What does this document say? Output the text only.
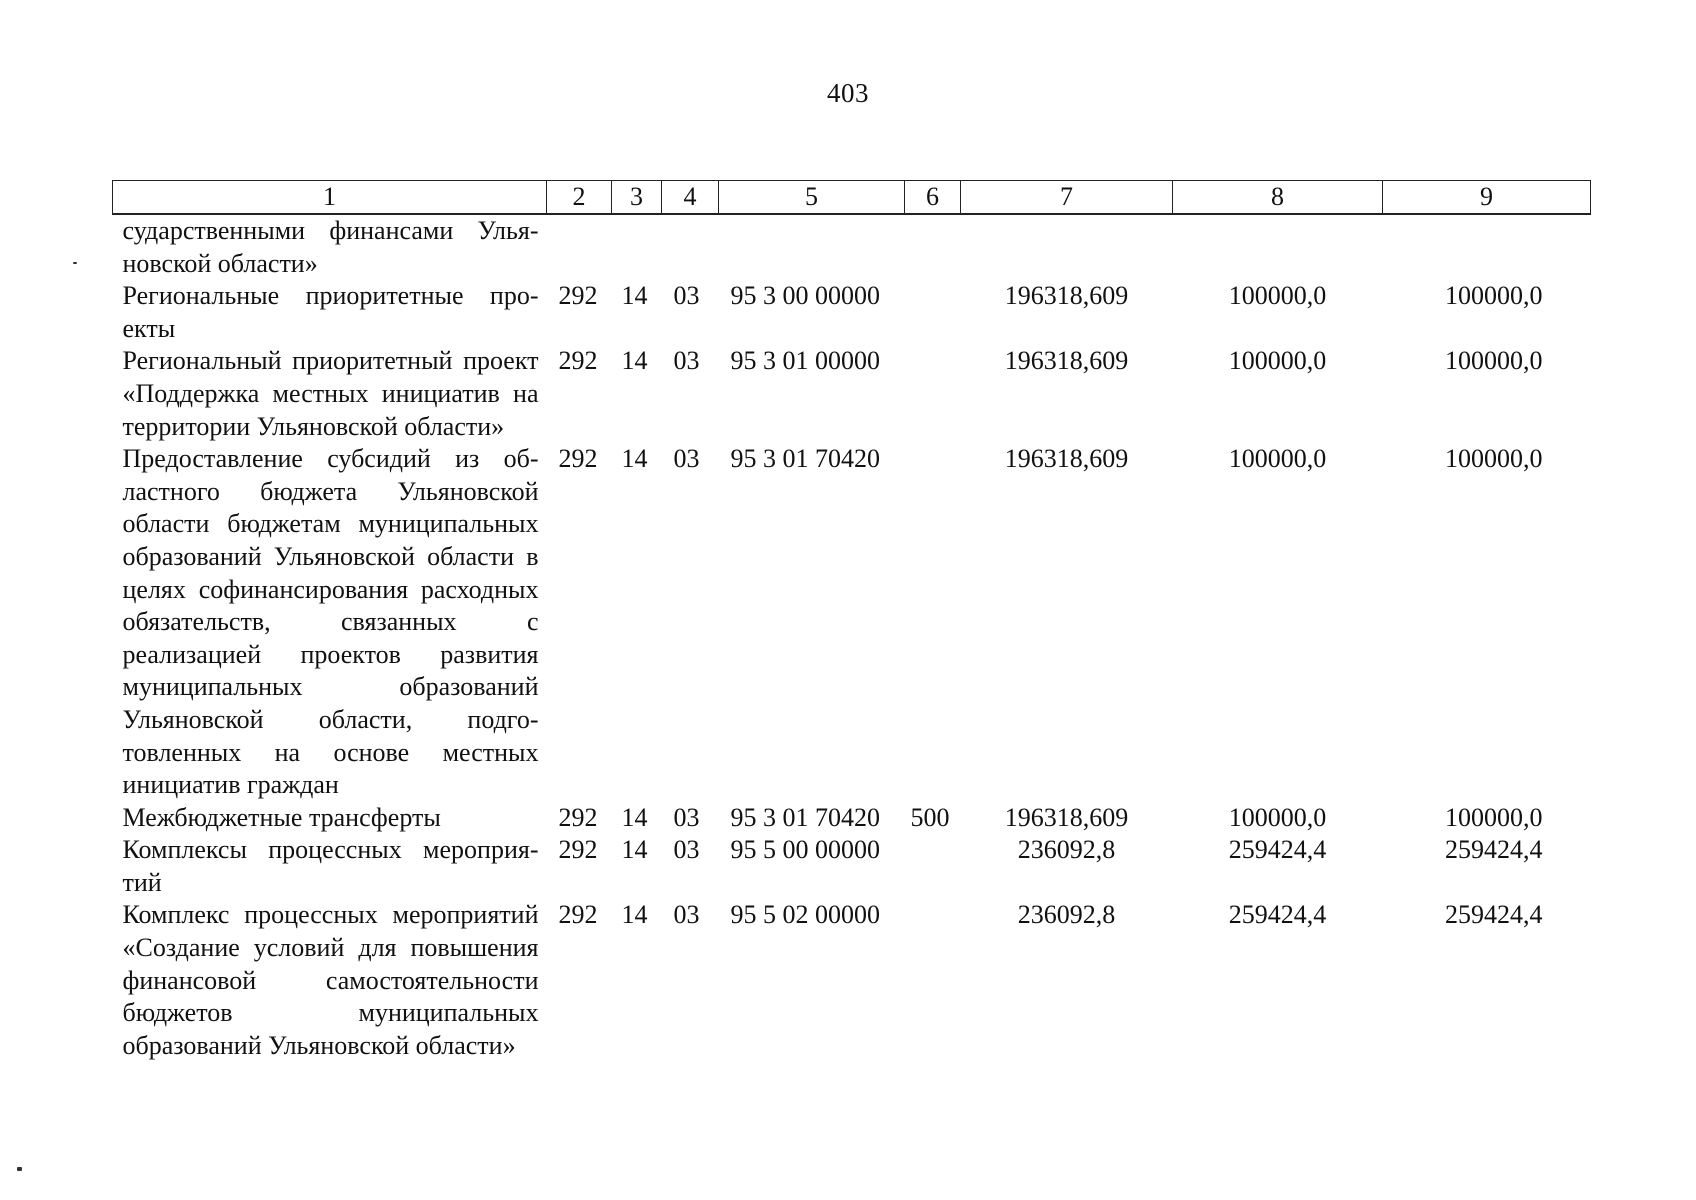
403
1	2	3	4	5	6	7	8	9
сударственными финансами Ульяновской области»								
Региональные приоритетные проекты	292	14	03	95 3 00 00000		196318,609	100000,0	100000,0
Региональный приоритетный проект «Поддержка местных инициатив на территории Ульяновской области»	292	14	03	95 3 01 00000		196318,609	100000,0	100000,0
Предоставление субсидий из областного бюджета Ульяновской области бюджетам муниципальных образований Ульяновской области в целях софинансирования расходных обязательств, связанных с реализацией проектов развития муниципальных образований Ульяновской области, подготовленных на основе местных инициатив граждан	292	14	03	95 3 01 70420		196318,609	100000,0	100000,0
Межбюджетные трансферты	292	14	03	95 3 01 70420	500	196318,609	100000,0	100000,0
Комплексы процессных мероприятий	292	14	03	95 5 00 00000		236092,8	259424,4	259424,4
Комплекс процессных мероприятий «Создание условий для повышения финансовой самостоятельности бюджетов муниципальных образований Ульяновской области»	292	14	03	95 5 02 00000		236092,8	259424,4	259424,4
